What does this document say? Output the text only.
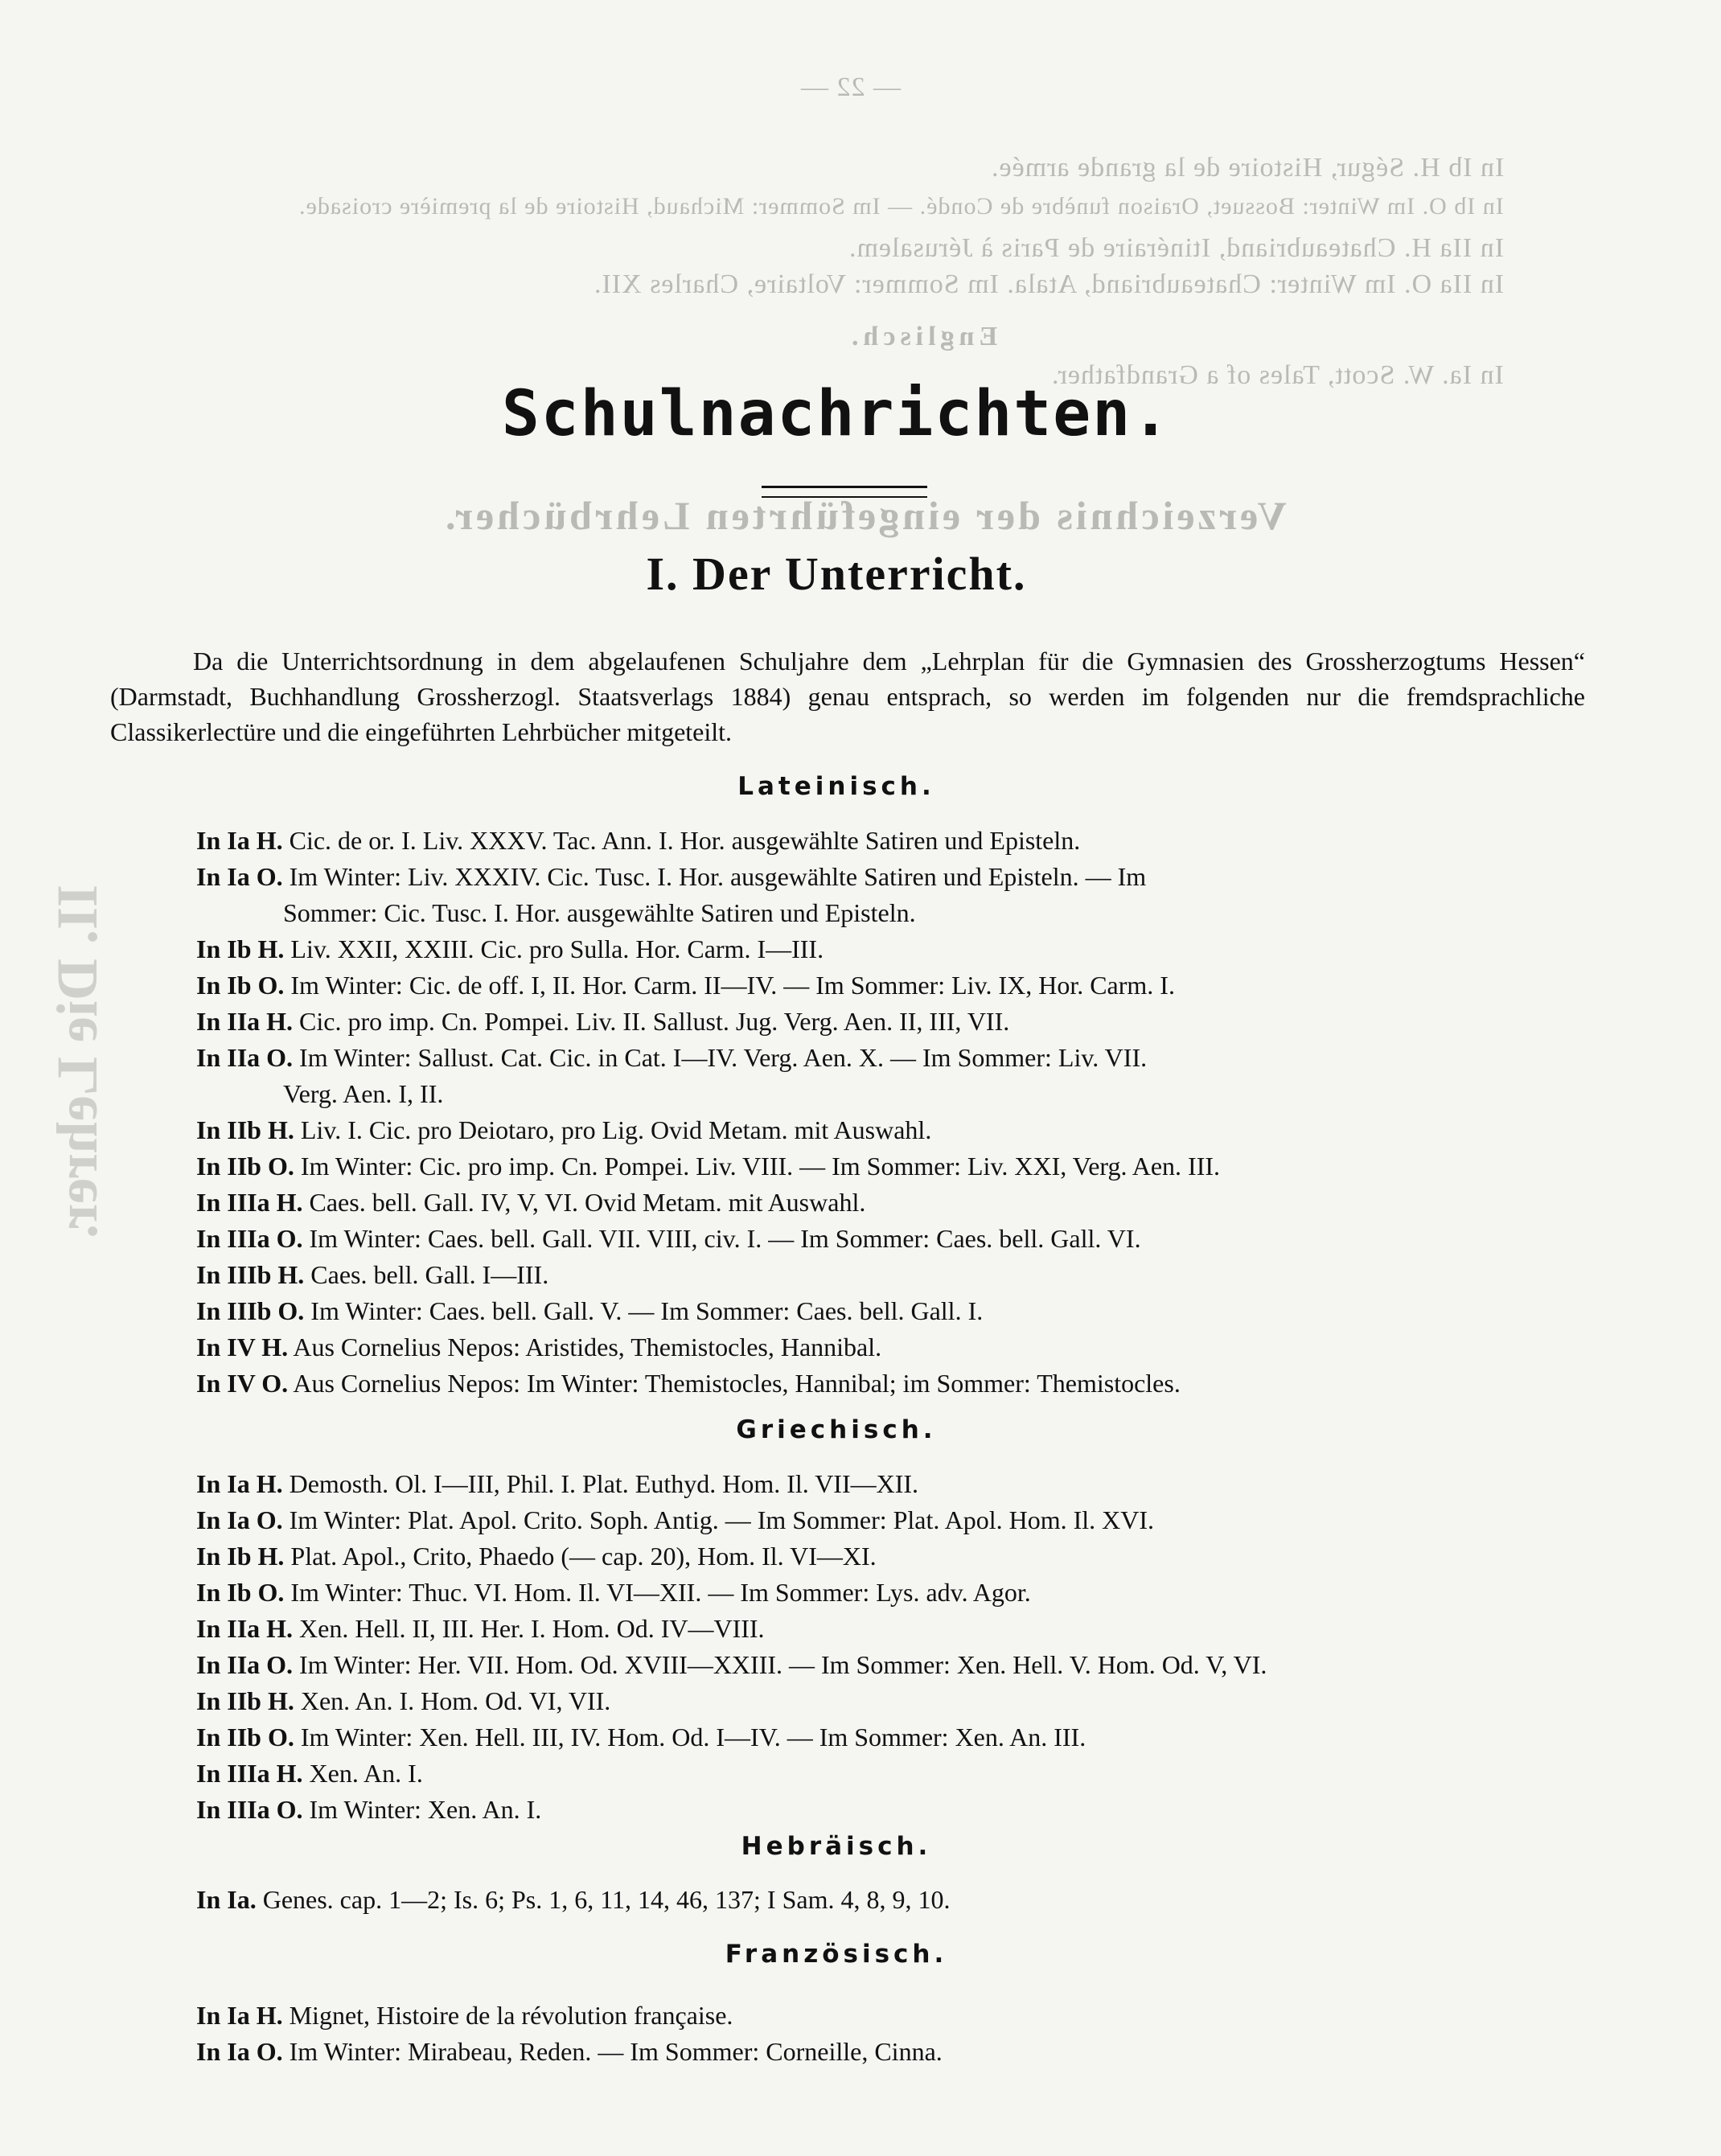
— 22 —
In Ib H. Ségur, Histoire de la grande armée.
In Ib O. Im Winter: Bossuet, Oraison funèbre de Condé. — Im Sommer: Michaud, Histoire de la première croisade.
In IIa H. Chateaubriand, Itinéraire de Paris à Jérusalem.
In IIa O. Im Winter: Chateaubriand, Atala. Im Sommer: Voltaire, Charles XII.
Englisch.
In Ia. W. Scott, Tales of a Grandfather.
Verzeichnis der eingeführten Lehrbücher.
II. Die Lehrer.
Schulnachrichten.
I. Der Unterricht.
Da die Unterrichtsordnung in dem abgelaufenen Schuljahre dem „Lehrplan für die Gymnasien des Grossherzogtums Hessen“ (Darmstadt, Buchhandlung Grossherzogl. Staatsverlags 1884) genau entsprach, so werden im folgenden nur die fremdsprachliche Classikerlectüre und die eingeführten Lehrbücher mitgeteilt.
Lateinisch.
In Ia H. Cic. de or. I. Liv. XXXV. Tac. Ann. I. Hor. ausgewählte Satiren und Episteln.
In Ia O. Im Winter: Liv. XXXIV. Cic. Tusc. I. Hor. ausgewählte Satiren und Episteln. — Im
Sommer: Cic. Tusc. I. Hor. ausgewählte Satiren und Episteln.
In Ib H. Liv. XXII, XXIII. Cic. pro Sulla. Hor. Carm. I—III.
In Ib O. Im Winter: Cic. de off. I, II. Hor. Carm. II—IV. — Im Sommer: Liv. IX, Hor. Carm. I.
In IIa H. Cic. pro imp. Cn. Pompei. Liv. II. Sallust. Jug. Verg. Aen. II, III, VII.
In IIa O. Im Winter: Sallust. Cat. Cic. in Cat. I—IV. Verg. Aen. X. — Im Sommer: Liv. VII.
Verg. Aen. I, II.
In IIb H. Liv. I. Cic. pro Deiotaro, pro Lig. Ovid Metam. mit Auswahl.
In IIb O. Im Winter: Cic. pro imp. Cn. Pompei. Liv. VIII. — Im Sommer: Liv. XXI, Verg. Aen. III.
In IIIa H. Caes. bell. Gall. IV, V, VI. Ovid Metam. mit Auswahl.
In IIIa O. Im Winter: Caes. bell. Gall. VII. VIII, civ. I. — Im Sommer: Caes. bell. Gall. VI.
In IIIb H. Caes. bell. Gall. I—III.
In IIIb O. Im Winter: Caes. bell. Gall. V. — Im Sommer: Caes. bell. Gall. I.
In IV H. Aus Cornelius Nepos: Aristides, Themistocles, Hannibal.
In IV O. Aus Cornelius Nepos: Im Winter: Themistocles, Hannibal; im Sommer: Themistocles.
Griechisch.
In Ia H. Demosth. Ol. I—III, Phil. I. Plat. Euthyd. Hom. Il. VII—XII.
In Ia O. Im Winter: Plat. Apol. Crito. Soph. Antig. — Im Sommer: Plat. Apol. Hom. Il. XVI.
In Ib H. Plat. Apol., Crito, Phaedo (— cap. 20), Hom. Il. VI—XI.
In Ib O. Im Winter: Thuc. VI. Hom. Il. VI—XII. — Im Sommer: Lys. adv. Agor.
In IIa H. Xen. Hell. II, III. Her. I. Hom. Od. IV—VIII.
In IIa O. Im Winter: Her. VII. Hom. Od. XVIII—XXIII. — Im Sommer: Xen. Hell. V. Hom. Od. V, VI.
In IIb H. Xen. An. I. Hom. Od. VI, VII.
In IIb O. Im Winter: Xen. Hell. III, IV. Hom. Od. I—IV. — Im Sommer: Xen. An. III.
In IIIa H. Xen. An. I.
In IIIa O. Im Winter: Xen. An. I.
Hebräisch.
In Ia. Genes. cap. 1—2; Is. 6; Ps. 1, 6, 11, 14, 46, 137; I Sam. 4, 8, 9, 10.
Französisch.
In Ia H. Mignet, Histoire de la révolution française.
In Ia O. Im Winter: Mirabeau, Reden. — Im Sommer: Corneille, Cinna.
